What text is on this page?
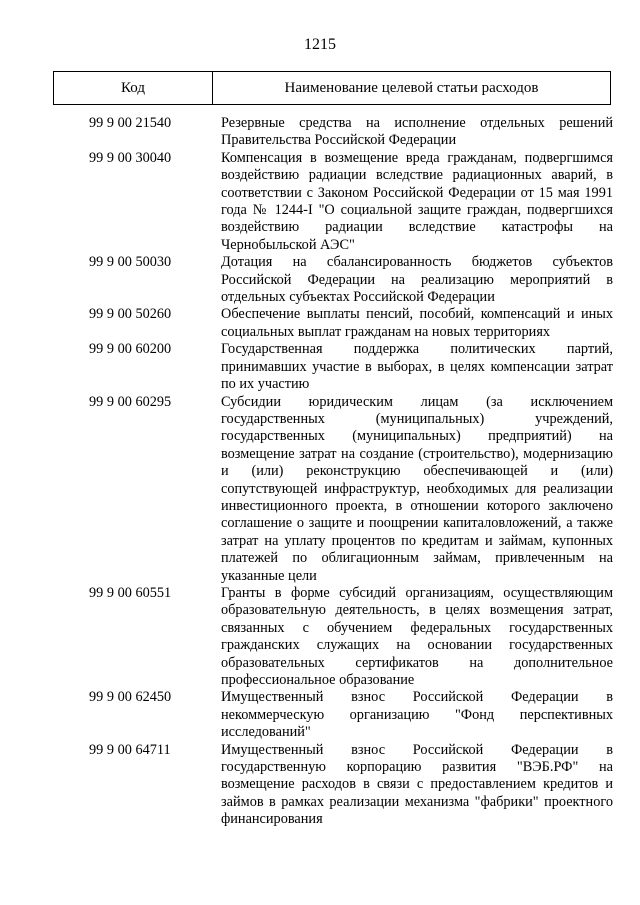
1215
Код	Наименование целевой статьи расходов
99 9 00 21540	Резервные средства на исполнение отдельных решений Правительства Российской Федерации
99 9 00 30040	Компенсация в возмещение вреда гражданам, подвергшимся воздействию радиации вследствие радиационных аварий, в соответствии с Законом Российской Федерации от 15 мая 1991 года № 1244-I "О социальной защите граждан, подвергшихся воздействию радиации вследствие катастрофы на Чернобыльской АЭС"
99 9 00 50030	Дотация на сбалансированность бюджетов субъектов Российской Федерации на реализацию мероприятий в отдельных субъектах Российской Федерации
99 9 00 50260	Обеспечение выплаты пенсий, пособий, компенсаций и иных социальных выплат гражданам на новых территориях
99 9 00 60200	Государственная поддержка политических партий, принимавших участие в выборах, в целях компенсации затрат по их участию
99 9 00 60295	Субсидии юридическим лицам (за исключением государственных (муниципальных) учреждений, государственных (муниципальных) предприятий) на возмещение затрат на создание (строительство), модернизацию и (или) реконструкцию обеспечивающей и (или) сопутствующей инфраструктур, необходимых для реализации инвестиционного проекта, в отношении которого заключено соглашение о защите и поощрении капиталовложений, а также затрат на уплату процентов по кредитам и займам, купонных платежей по облигационным займам, привлеченным на указанные цели
99 9 00 60551	Гранты в форме субсидий организациям, осуществляющим образовательную деятельность, в целях возмещения затрат, связанных с обучением федеральных государственных гражданских служащих на основании государственных образовательных сертификатов на дополнительное профессиональное образование
99 9 00 62450	Имущественный взнос Российской Федерации в некоммерческую организацию "Фонд перспективных исследований"
99 9 00 64711	Имущественный взнос Российской Федерации в государственную корпорацию развития "ВЭБ.РФ" на возмещение расходов в связи с предоставлением кредитов и займов в рамках реализации механизма "фабрики" проектного финансирования
